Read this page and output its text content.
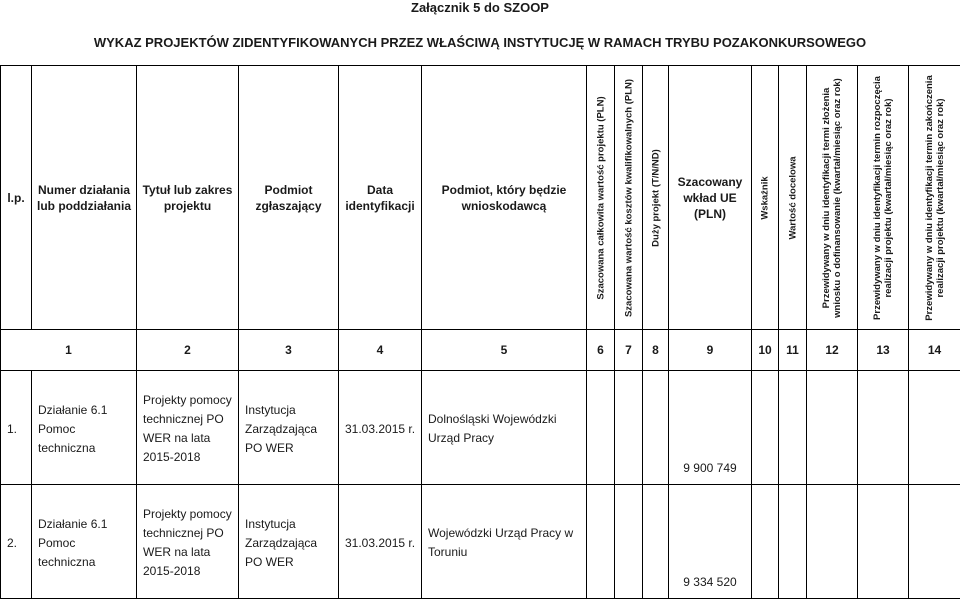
Załącznik 5 do SZOOP
WYKAZ PROJEKTÓW ZIDENTYFIKOWANYCH PRZEZ WŁAŚCIWĄ INSTYTUCJĘ W RAMACH TRYBU POZAKONKURSOWEGO
l.p.	Numer działania lub poddziałania	Tytuł lub zakres projektu	Podmiot zgłaszający	Data identyfikacji	Podmiot, który będzie wnioskodawcą	Szacowana całkowita wartość projektu (PLN)	Szacowana wartość kosztów kwalifikowalnych (PLN)	Duży projekt (T/N/ND)	Szacowany wkład UE (PLN)	Wskaźnik	Wartość docelowa	Przewidywany w dniu identyfikacji termi złożenia wniosku o dofinansowanie (kwartał/miesiąc oraz rok)	Przewidywany w dniu identyfikacji termin rozpoczęcia realizacji projektu (kwartał/miesiąc oraz rok)	Przewidywany w dniu identyfikacji termin zakończenia realizacji projektu (kwartał/miesiąc oraz rok)

1		2	3	4	5	6	7	8	9	10	11	12	13	14

1.	Działanie 6.1 Pomoc techniczna	Projekty pomocy technicznej PO WER na lata 2015-2018	Instytucja Zarządzająca PO WER	31.03.2015 r.	Dolnośląski Wojewódzki Urząd Pracy				9 900 749					

2.	Działanie 6.1 Pomoc techniczna	Projekty pomocy technicznej PO WER na lata 2015-2018	Instytucja Zarządzająca PO WER	31.03.2015 r.	Wojewódzki Urząd Pracy w Toruniu				9 334 520					
